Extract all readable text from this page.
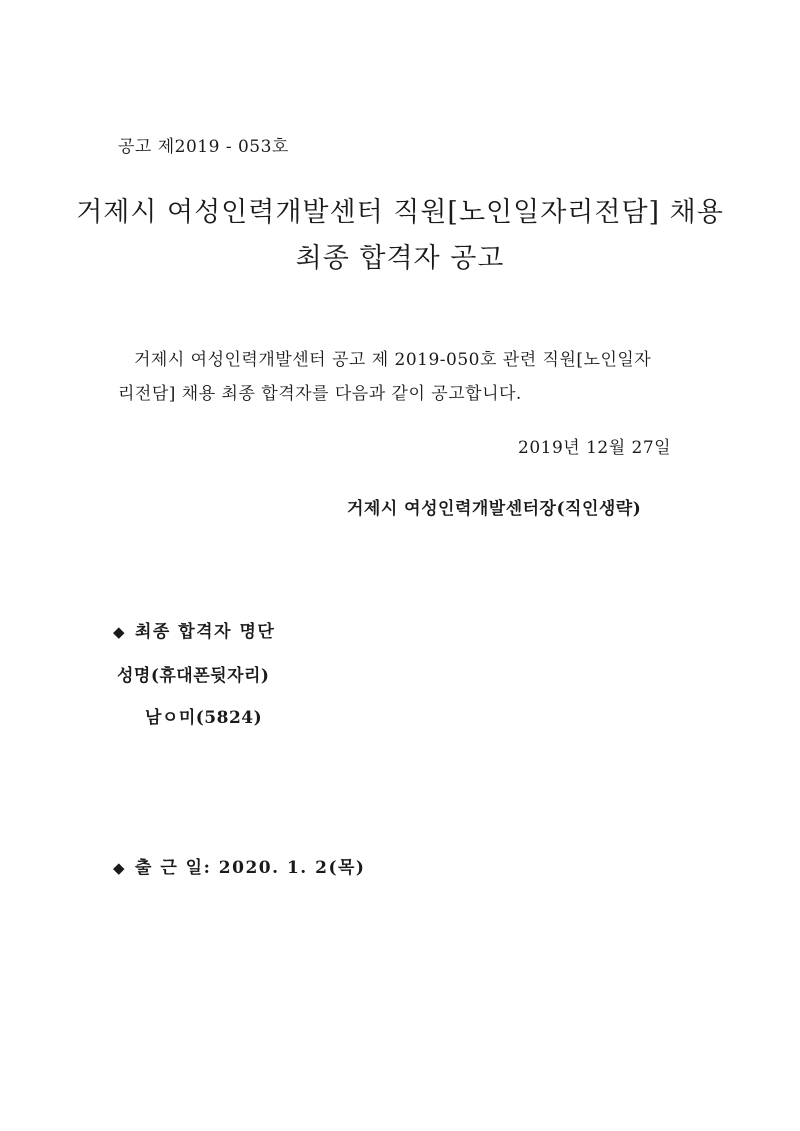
공고 제2019 - 053호
거제시 여성인력개발센터 직원[노인일자리전담] 채용
최종 합격자 공고
거제시 여성인력개발센터 공고 제 2019-050호 관련 직원[노인일자
리전담] 채용 최종 합격자를 다음과 같이 공고합니다.
2019년 12월 27일
거제시 여성인력개발센터장(직인생략)
◆ 최종 합격자 명단
성명(휴대폰뒷자리)
남ㅇ미(5824)
◆ 출 근 일: 2020. 1. 2(목)
